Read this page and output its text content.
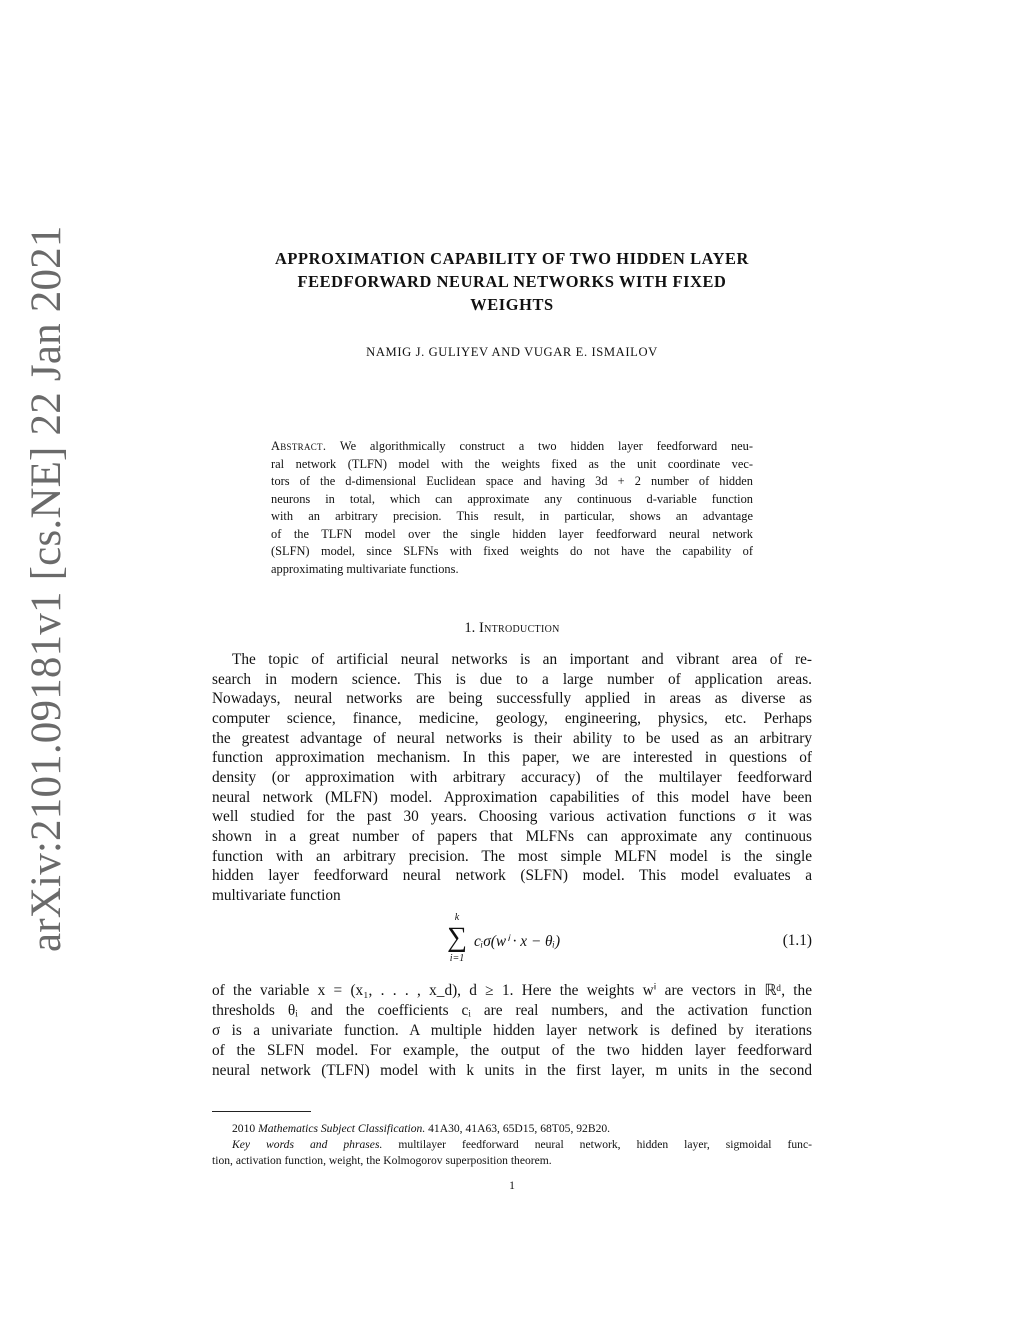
arXiv:2101.09181v1 [cs.NE] 22 Jan 2021	APPROXIMATION CAPABILITY OF TWO HIDDEN LAYER
FEEDFORWARD NEURAL NETWORKS WITH FIXED
WEIGHTS
NAMIG J. GULIYEV AND VUGAR E. ISMAILOV
Abstract. We algorithmically construct a two hidden layer feedforward neu-
ral network (TLFN) model with the weights fixed as the unit coordinate vec-
tors of the d-dimensional Euclidean space and having 3d + 2 number of hidden
neurons in total, which can approximate any continuous d-variable function
with an arbitrary precision. This result, in particular, shows an advantage
of the TLFN model over the single hidden layer feedforward neural network
(SLFN) model, since SLFNs with fixed weights do not have the capability of
approximating multivariate functions.
1. Introduction
The topic of artificial neural networks is an important and vibrant area of re-
search in modern science. This is due to a large number of application areas.
Nowadays, neural networks are being successfully applied in areas as diverse as
computer science, finance, medicine, geology, engineering, physics, etc. Perhaps
the greatest advantage of neural networks is their ability to be used as an arbitrary
function approximation mechanism. In this paper, we are interested in questions of
density (or approximation with arbitrary accuracy) of the multilayer feedforward
neural network (MLFN) model. Approximation capabilities of this model have been
well studied for the past 30 years. Choosing various activation functions σ it was
shown in a great number of papers that MLFNs can approximate any continuous
function with an arbitrary precision. The most simple MLFN model is the single
hidden layer feedforward neural network (SLFN) model. This model evaluates a
multivariate function
k
∑
i=1
cᵢσ(wⁱ · x − θᵢ)	(1.1)
of the variable x = (x₁, . . . , x_d), d ≥ 1. Here the weights wⁱ are vectors in ℝᵈ, the
thresholds θᵢ and the coefficients cᵢ are real numbers, and the activation function
σ is a univariate function. A multiple hidden layer network is defined by iterations
of the SLFN model. For example, the output of the two hidden layer feedforward
neural network (TLFN) model with k units in the first layer, m units in the second
2010 Mathematics Subject Classification. 41A30, 41A63, 65D15, 68T05, 92B20.
Key words and phrases. multilayer feedforward neural network, hidden layer, sigmoidal func-
tion, activation function, weight, the Kolmogorov superposition theorem.
1
